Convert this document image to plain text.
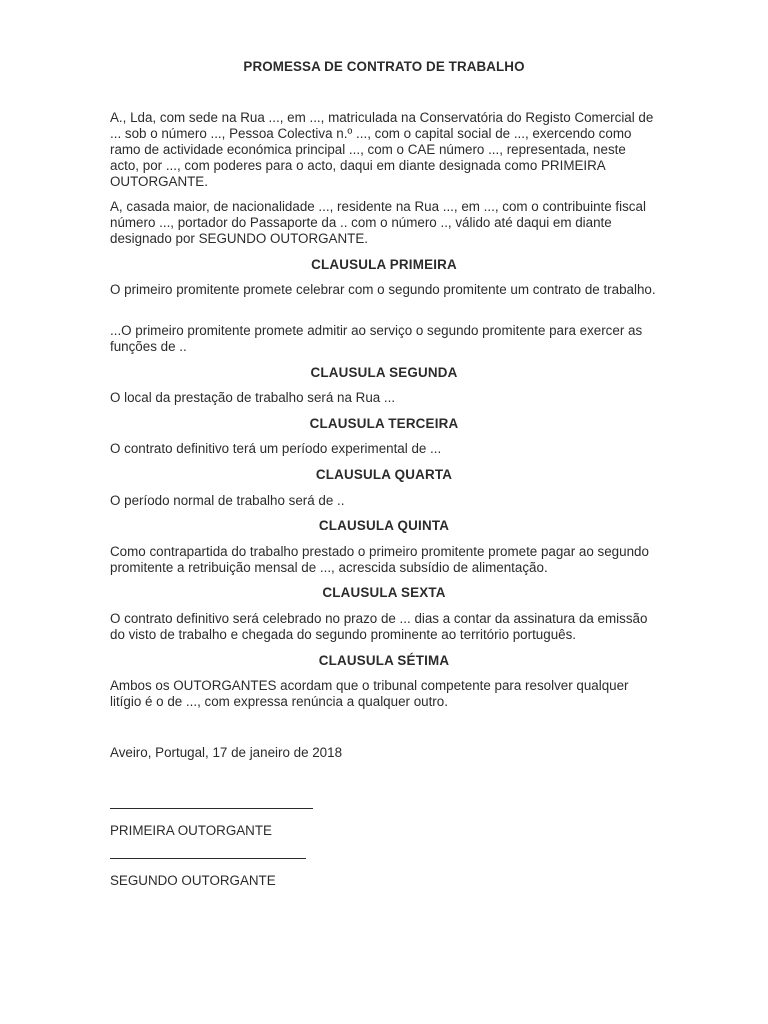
PROMESSA DE CONTRATO DE TRABALHO

A., Lda, com sede na Rua ..., em ..., matriculada na Conservatória do Registo Comercial de ... sob o número ..., Pessoa Colectiva n.º ..., com o capital social de ..., exercendo como ramo de actividade económica principal ..., com o CAE número ..., representada, neste acto, por ..., com poderes para o acto, daqui em diante designada como PRIMEIRA OUTORGANTE.

A, casada maior, de nacionalidade ..., residente na Rua ..., em ..., com o contribuinte fiscal número ..., portador do Passaporte da .. com o número .., válido até daqui em diante designado por SEGUNDO OUTORGANTE.

CLAUSULA PRIMEIRA

O primeiro promitente promete celebrar com o segundo promitente um contrato de trabalho.

...O primeiro promitente promete admitir ao serviço o segundo promitente para exercer as funções de ..

CLAUSULA SEGUNDA

O local da prestação de trabalho será na Rua ...

CLAUSULA TERCEIRA

O contrato definitivo terá um período experimental de ...

CLAUSULA QUARTA

O período normal de trabalho será de ..

CLAUSULA QUINTA

Como contrapartida do trabalho prestado o primeiro promitente promete pagar ao segundo promitente a retribuição mensal de ..., acrescida subsídio de alimentação.

CLAUSULA SEXTA

O contrato definitivo será celebrado no prazo de ... dias a contar da assinatura da emissão do visto de trabalho e chegada do segundo prominente ao território português.

CLAUSULA SÉTIMA

Ambos os OUTORGANTES acordam que o tribunal competente para resolver qualquer litígio é o de ..., com expressa renúncia a qualquer outro.

Aveiro, Portugal, 17 de janeiro de 2018
PRIMEIRA OUTORGANTE
SEGUNDO OUTORGANTE
